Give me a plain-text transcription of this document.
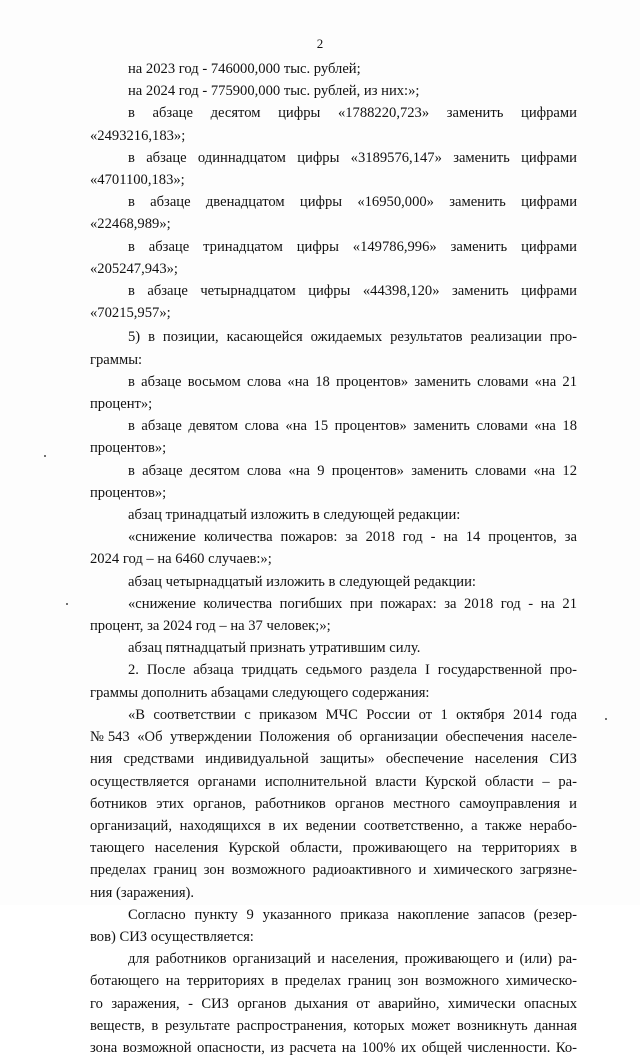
2

на 2023 год - 746000,000 тыс. рублей;

на 2024 год - 775900,000 тыс. рублей, из них:»;

в абзаце десятом цифры «1788220,723» заменить цифрами

«2493216,183»;

в абзаце одиннадцатом цифры «3189576,147» заменить цифрами

«4701100,183»;

в абзаце двенадцатом цифры «16950,000» заменить цифрами

«22468,989»;

в абзаце тринадцатом цифры «149786,996» заменить цифрами

«205247,943»;

в абзаце четырнадцатом цифры «44398,120» заменить цифрами

«70215,957»;

5) в позиции, касающейся ожидаемых результатов реализации про-

граммы:

в абзаце восьмом слова «на 18 процентов» заменить словами «на 21

процент»;

в абзаце девятом слова «на 15 процентов» заменить словами «на 18

процентов»;

в абзаце десятом слова «на 9 процентов» заменить словами «на 12

процентов»;

абзац тринадцатый изложить в следующей редакции:

«снижение количества пожаров: за 2018 год - на 14 процентов, за

2024 год – на 6460 случаев:»;

абзац четырнадцатый изложить в следующей редакции:

«снижение количества погибших при пожарах: за 2018 год - на 21

процент, за 2024 год – на 37 человек;»;

абзац пятнадцатый признать утратившим силу.

2. После абзаца тридцать седьмого раздела I государственной про-

граммы дополнить абзацами следующего содержания:

«В соответствии с приказом МЧС России от 1 октября 2014 года

№543 «Об утверждении Положения об организации обеспечения населе-

ния средствами индивидуальной защиты» обеспечение населения СИЗ

осуществляется органами исполнительной власти Курской области – ра-

ботников этих органов, работников органов местного самоуправления и

организаций, находящихся в их ведении соответственно, а также нерабо-

тающего населения Курской области, проживающего на территориях в

пределах границ зон возможного радиоактивного и химического загрязне-

ния (заражения).

Согласно пункту 9 указанного приказа накопление запасов (резер-

вов) СИЗ осуществляется:

для работников организаций и населения, проживающего и (или) ра-

ботающего на территориях в пределах границ зон возможного химическо-

го заражения, - СИЗ органов дыхания от аварийно, химически опасных

веществ, в результате распространения, которых может возникнуть данная

зона возможной опасности, из расчета на 100% их общей численности. Ко-
